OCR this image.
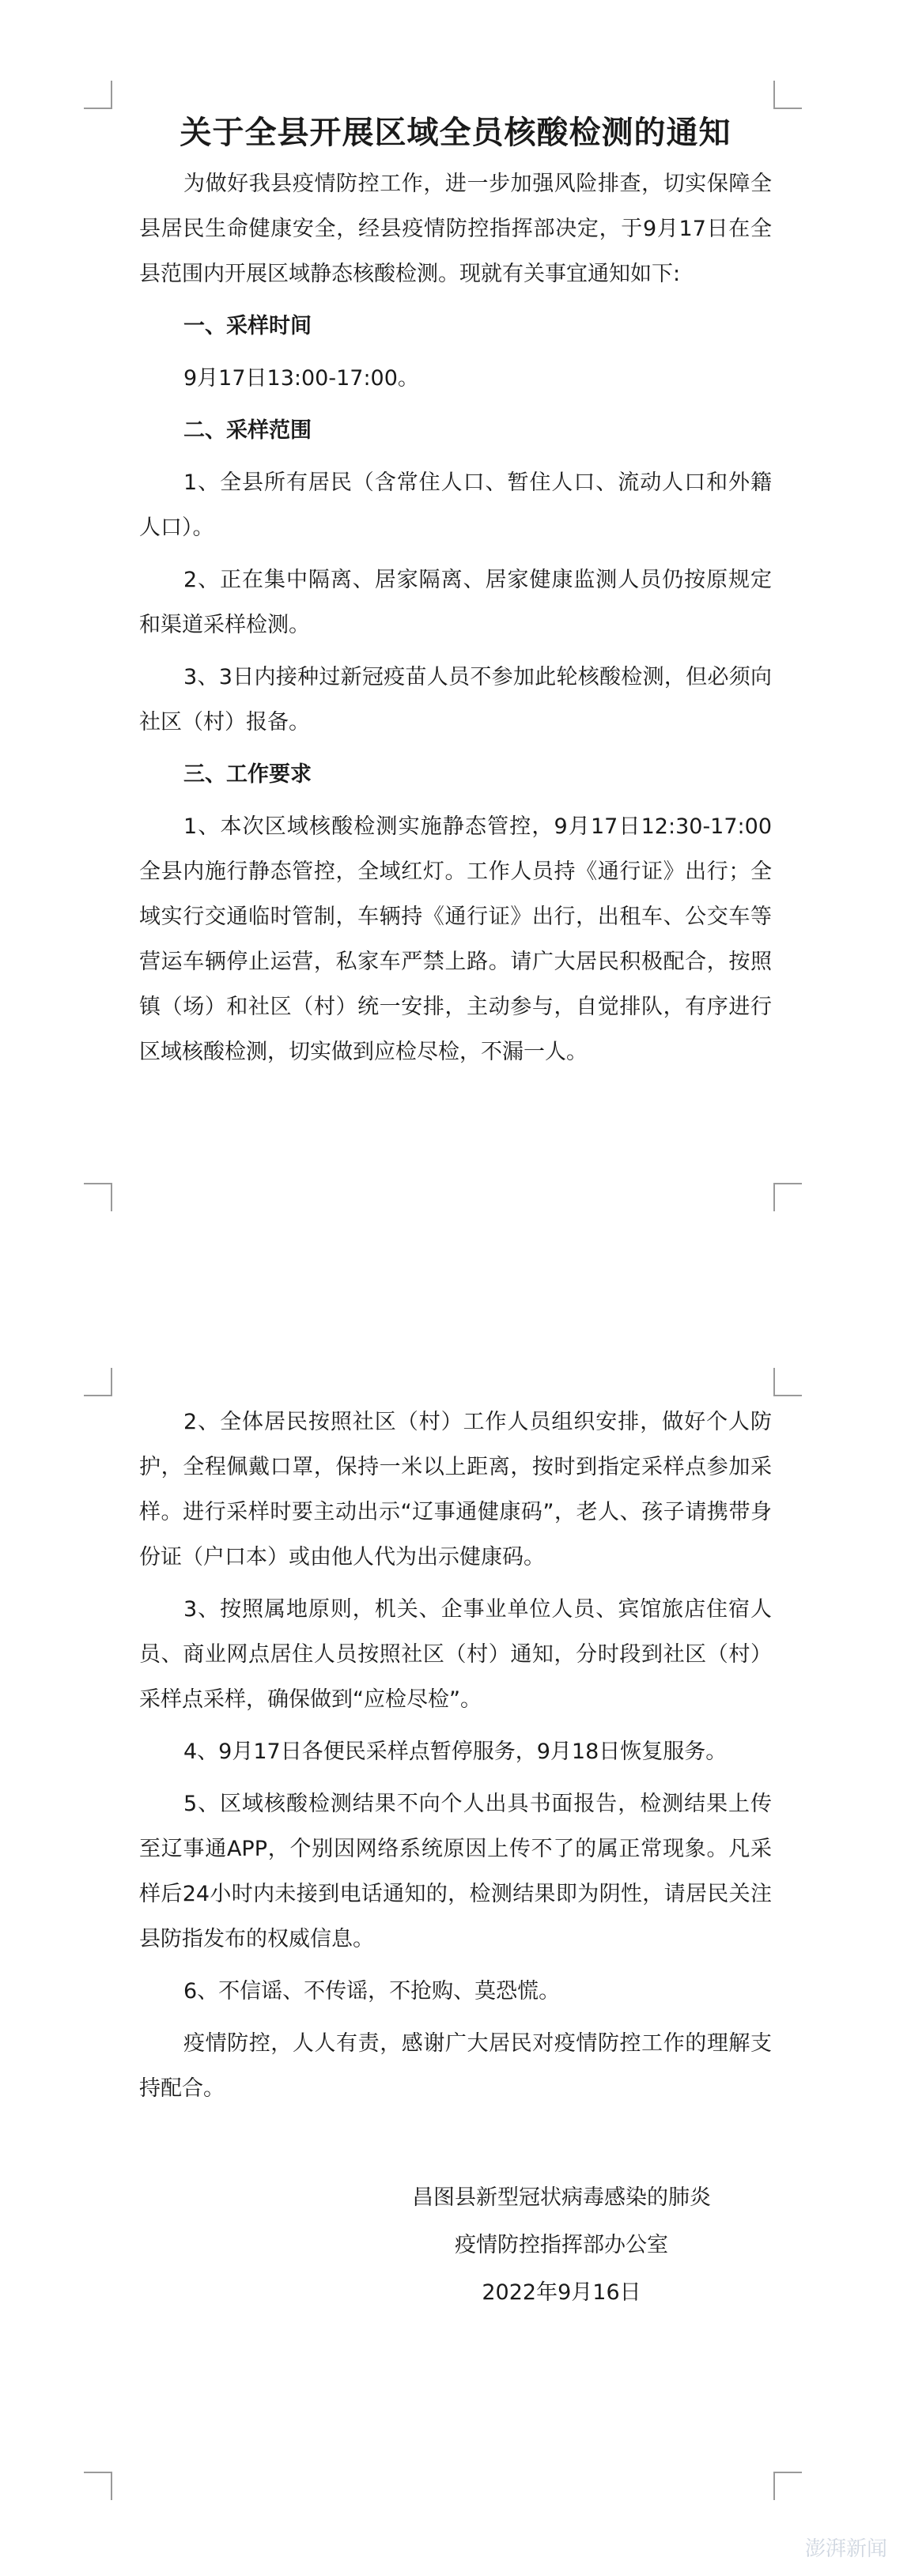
关于全县开展区域全员核酸检测的通知

为做好我县疫情防控工作，进一步加强风险排查，切实保障全县居民生命健康安全，经县疫情防控指挥部决定，于9月17日在全县范围内开展区域静态核酸检测。现就有关事宜通知如下:

一、采样时间

9月17日13:00-17:00。

二、采样范围

1、全县所有居民（含常住人口、暂住人口、流动人口和外籍人口）。

2、正在集中隔离、居家隔离、居家健康监测人员仍按原规定和渠道采样检测。

3、3日内接种过新冠疫苗人员不参加此轮核酸检测，但必须向社区（村）报备。

三、工作要求

1、本次区域核酸检测实施静态管控，9月17日12:30-17:00全县内施行静态管控，全域红灯。工作人员持《通行证》出行；全域实行交通临时管制，车辆持《通行证》出行，出租车、公交车等营运车辆停止运营，私家车严禁上路。请广大居民积极配合，按照镇（场）和社区（村）统一安排，主动参与，自觉排队，有序进行区域核酸检测，切实做到应检尽检，不漏一人。

2、全体居民按照社区（村）工作人员组织安排，做好个人防护，全程佩戴口罩，保持一米以上距离，按时到指定采样点参加采样。进行采样时要主动出示“辽事通健康码”，老人、孩子请携带身份证（户口本）或由他人代为出示健康码。

3、按照属地原则，机关、企事业单位人员、宾馆旅店住宿人员、商业网点居住人员按照社区（村）通知，分时段到社区（村）采样点采样，确保做到“应检尽检”。

4、9月17日各便民采样点暂停服务，9月18日恢复服务。

5、区域核酸检测结果不向个人出具书面报告，检测结果上传至辽事通APP，个别因网络系统原因上传不了的属正常现象。凡采样后24小时内未接到电话通知的，检测结果即为阴性，请居民关注县防指发布的权威信息。

6、不信谣、不传谣，不抢购、莫恐慌。

疫情防控，人人有责，感谢广大居民对疫情防控工作的理解支持配合。

昌图县新型冠状病毒感染的肺炎
疫情防控指挥部办公室
2022年9月16日
澎湃新闻
